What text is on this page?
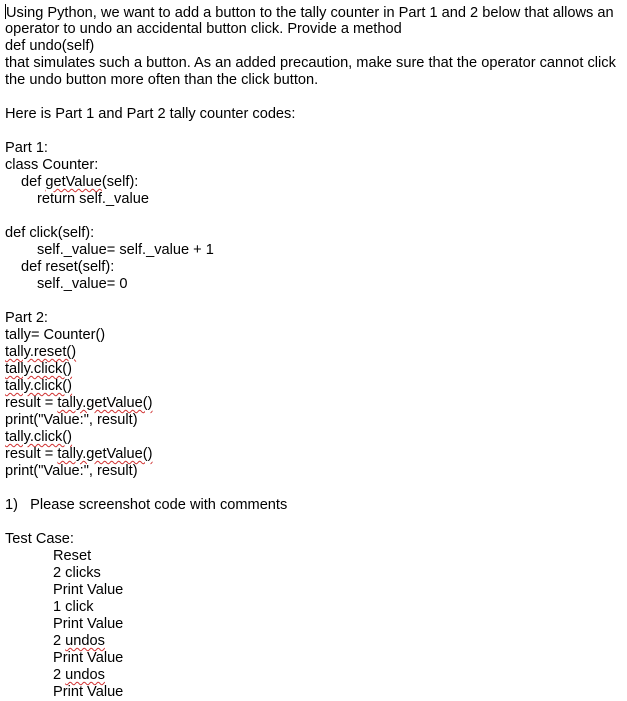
Using Python, we want to add a button to the tally counter in Part 1 and 2 below that allows an
operator to undo an accidental button click. Provide a method
def undo(self)
that simulates such a button. As an added precaution, make sure that the operator cannot click
the undo button more often than the click button.
Here is Part 1 and Part 2 tally counter codes:
Part 1:
class Counter:
def getValue(self):
return self._value
def click(self):
self._value= self._value + 1
def reset(self):
self._value= 0
Part 2:
tally= Counter()
tally.reset()
tally.click()
tally.click()
result = tally.getValue()
print("Value:", result)
tally.click()
result = tally.getValue()
print("Value:", result)
1)   Please screenshot code with comments
Test Case:
Reset
2 clicks
Print Value
1 click
Print Value
2 undos
Print Value
2 undos
Print Value
